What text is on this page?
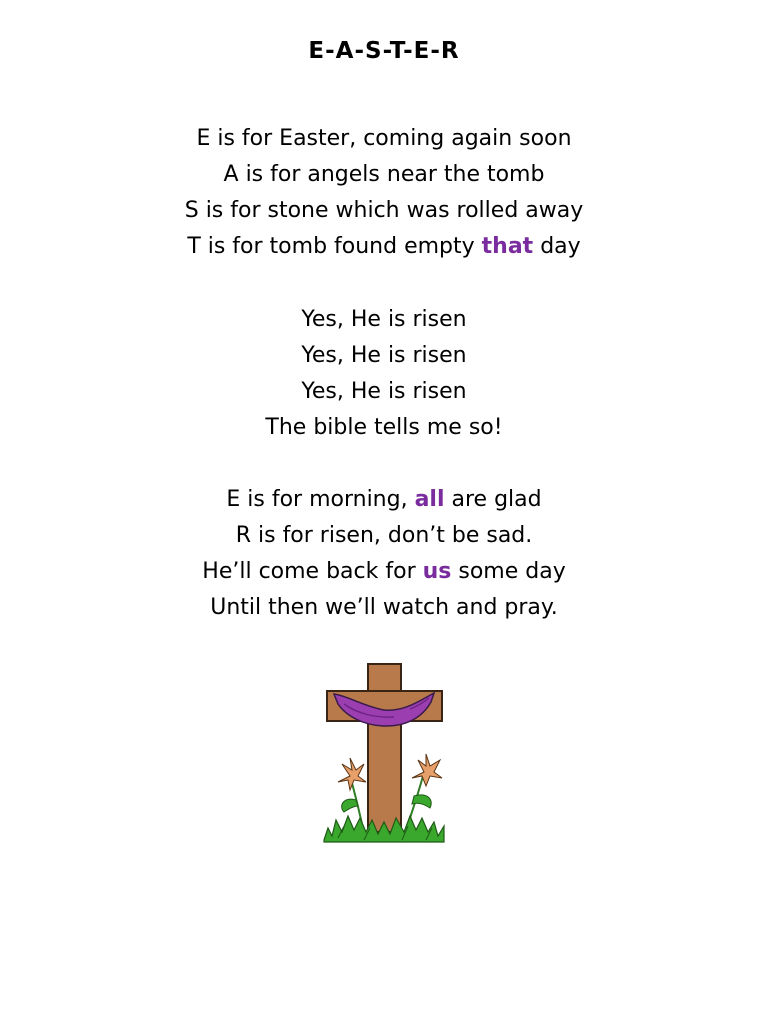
E-A-S-T-E-R
E is for Easter, coming again soon
A is for angels near the tomb
S is for stone which was rolled away
T is for tomb found empty that day
Yes, He is risen
Yes, He is risen
Yes, He is risen
The bible tells me so!
E is for morning, all are glad
R is for risen, don’t be sad.
He’ll come back for us some day
Until then we’ll watch and pray.
